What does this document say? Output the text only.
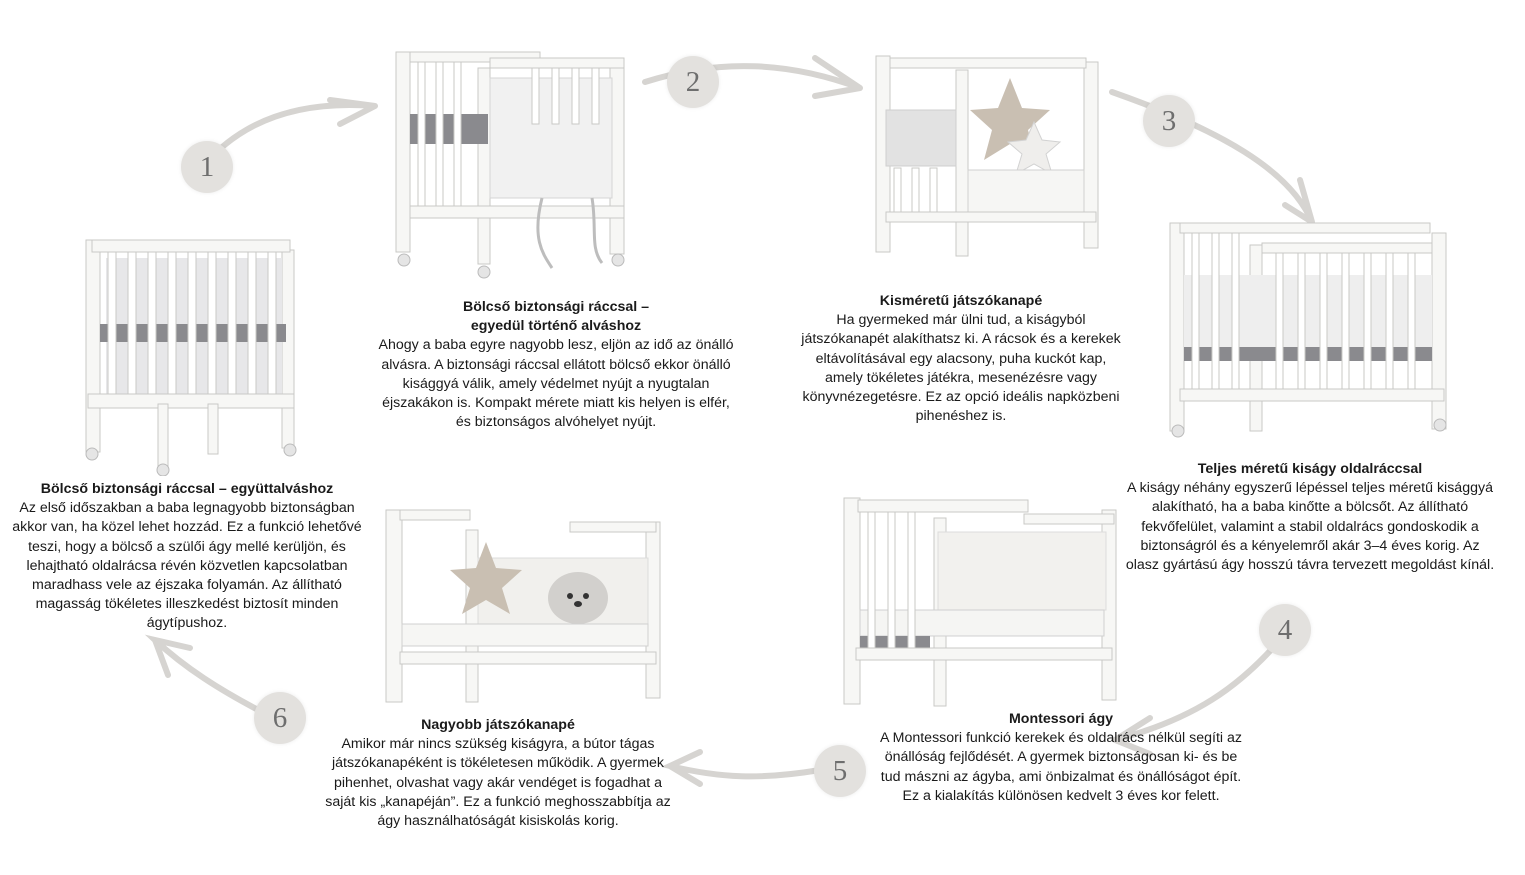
1
2
3
4
5
6
Bölcső biztonsági ráccsal – együttalváshoz
Az első időszakban a baba legnagyobb biztonságban akkor van, ha közel lehet hozzád. Ez a funkció lehetővé teszi, hogy a bölcső a szülői ágy mellé kerüljön, és lehajtható oldalrácsa révén közvetlen kapcsolatban maradhass vele az éjszaka folyamán. Az állítható magasság tökéletes illeszkedést biztosít minden ágytípushoz.
Bölcső biztonsági ráccsal – egyedül történő alváshoz
Ahogy a baba egyre nagyobb lesz, eljön az idő az önálló alvásra. A biztonsági ráccsal ellátott bölcső ekkor önálló kisággyá válik, amely védelmet nyújt a nyugtalan éjszakákon is. Kompakt mérete miatt kis helyen is elfér, és biztonságos alvóhelyet nyújt.
Kisméretű játszókanapé
Ha gyermeked már ülni tud, a kiságyból játszókanapét alakíthatsz ki. A rácsok és a kerekek eltávolításával egy alacsony, puha kuckót kap, amely tökéletes játékra, mesenézésre vagy könyvnézegetésre. Ez az opció ideális napközbeni pihenéshez is.
Teljes méretű kiságy oldalráccsal
A kiságy néhány egyszerű lépéssel teljes méretű kisággyá alakítható, ha a baba kinőtte a bölcsőt. Az állítható fekvőfelület, valamint a stabil oldalrács gondoskodik a biztonságról és a kényelemről akár 3–4 éves korig. Az olasz gyártású ágy hosszú távra tervezett megoldást kínál.
Montessori ágy
A Montessori funkció kerekek és oldalrács nélkül segíti az önállóság fejlődését. A gyermek biztonságosan ki- és be tud mászni az ágyba, ami önbizalmat és önállóságot épít. Ez a kialakítás különösen kedvelt 3 éves kor felett.
Nagyobb játszókanapé
Amikor már nincs szükség kiságyra, a bútor tágas játszókanapéként is tökéletesen működik. A gyermek pihenhet, olvashat vagy akár vendéget is fogadhat a saját kis „kanapéján”. Ez a funkció meghosszabbítja az ágy használhatóságát kisiskolás korig.
